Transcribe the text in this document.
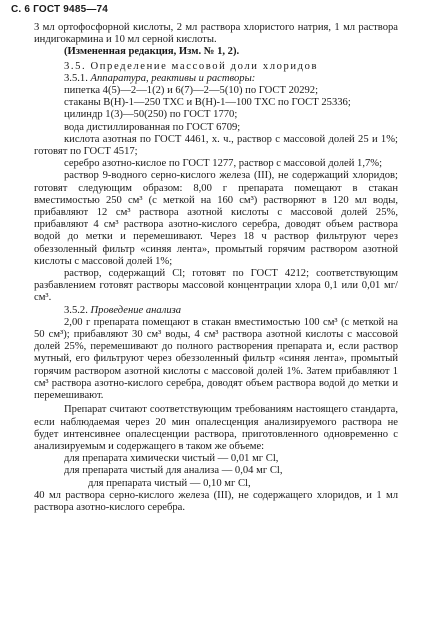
С. 6 ГОСТ 9485—74

3 мл ортофосфорной кислоты, 2 мл раствора хлористого натрия, 1 мл раствора индигокармина и 10 мл серной кислоты.

(Измененная редакция, Изм. № 1, 2).

3.5. Определение массовой доли хлоридов

3.5.1. Аппаратура, реактивы и растворы:

пипетка 4(5)—2—1(2) и 6(7)—2—5(10) по ГОСТ 20292;

стаканы В(Н)-1—250 ТХС и В(Н)-1—100 ТХС по ГОСТ 25336;

цилиндр 1(3)—50(250) по ГОСТ 1770;

вода дистиллированная по ГОСТ 6709;

кислота азотная по ГОСТ 4461, х. ч., раствор с массовой долей 25 и 1%; готовят по ГОСТ 4517;

серебро азотно-кислое по ГОСТ 1277, раствор с массовой долей 1,7%;

раствор 9-водного серно-кислого железа (III), не содержащий хлоридов; готовят следующим образом: 8,00 г препарата помещают в стакан вместимостью 250 см³ (с меткой на 160 см³) растворяют в 120 мл воды, прибавляют 12 см³ раствора азотной кислоты с массовой долей 25%, прибавляют 4 см³ раствора азотно-кислого серебра, доводят объем раствора водой до метки и перемешивают. Через 18 ч раствор фильтруют через обеззоленный фильтр «синяя лента», промытый горячим раствором азотной кислоты с массовой долей 1%;

раствор, содержащий Cl; готовят по ГОСТ 4212; соответствующим разбавлением готовят растворы массовой концентрации хлора 0,1 или 0,01 мг/см³.

3.5.2. Проведение анализа

2,00 г препарата помещают в стакан вместимостью 100 см³ (с меткой на 50 см³); прибавляют 30 см³ воды, 4 см³ раствора азотной кислоты с массовой долей 25%, перемешивают до полного растворения препарата и, если раствор мутный, его фильтруют через обеззоленный фильтр «синяя лента», промытый горячим раствором азотной кислоты с массовой долей 1%. Затем прибавляют 1 см³ раствора азотно-кислого серебра, доводят объем раствора водой до метки и перемешивают.

Препарат считают соответствующим требованиям настоящего стандарта, если наблюдаемая через 20 мин опалесценция анализируемого раствора не будет интенсивнее опалесценции раствора, приготовленного одновременно с анализируемым и содержащего в таком же объеме:

для препарата химически чистый — 0,01 мг Cl,

для препарата чистый для анализа — 0,04 мг Cl,

для препарата чистый — 0,10 мг Cl,

40 мл раствора серно-кислого железа (III), не содержащего хлоридов, и 1 мл раствора азотно-кислого серебра.
